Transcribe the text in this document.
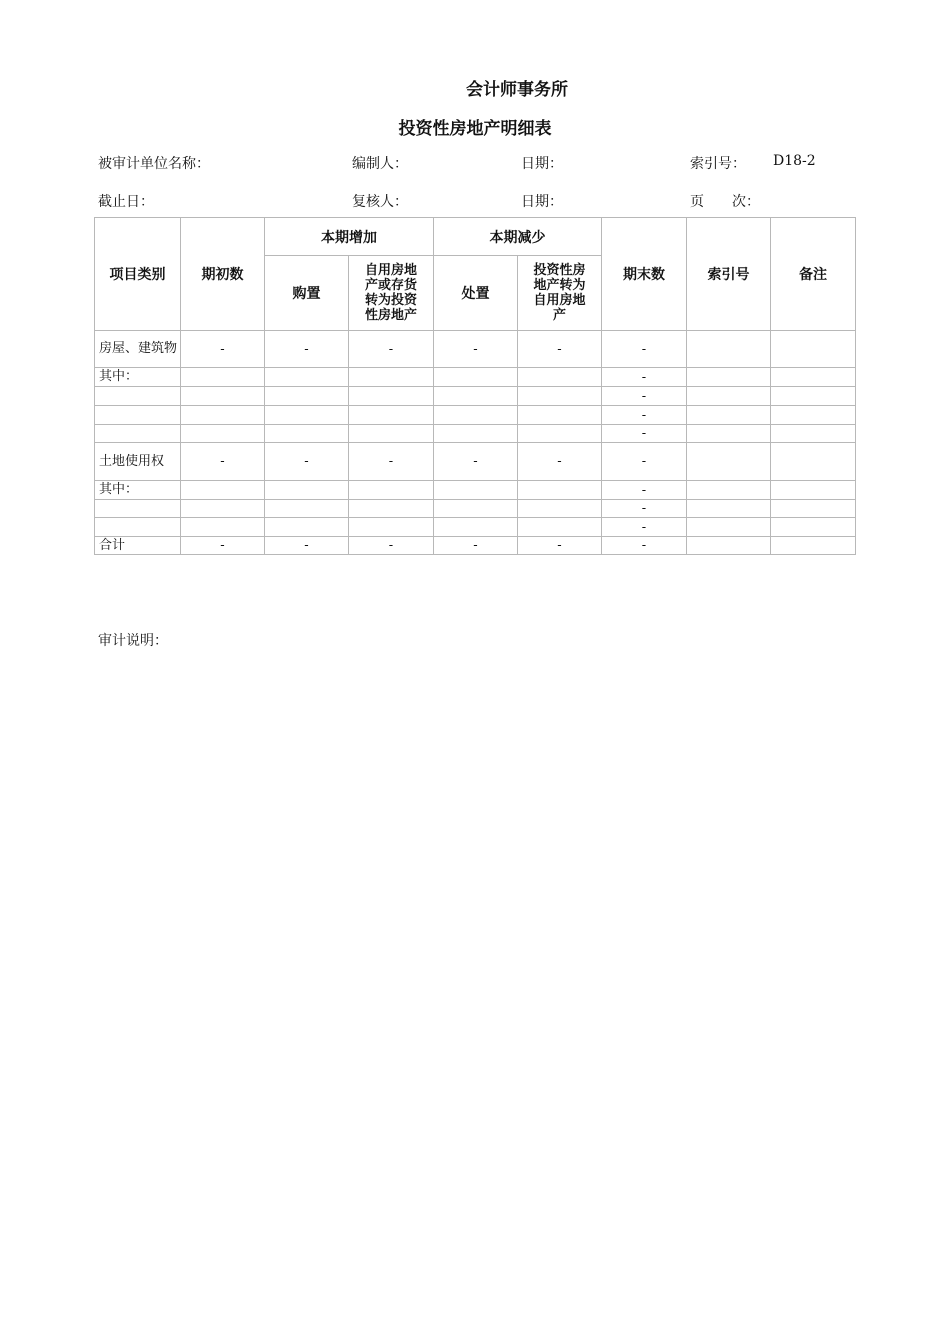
会计师事务所
投资性房地产明细表
被审计单位名称：	编制人：	日期：	索引号： D18-2
截止日：	复核人：	日期：	页　　次：
项目类别	期初数	本期增加		本期减少		期末数	索引号	备注
		购置	自用房地产或存货转为投资性房地产	处置	投资性房地产转为自用房地产			
房屋、建筑物	-	-	-	-	-	-		
其中：						-		
						-		
						-		
						-		
土地使用权	-	-	-	-	-	-		
其中：						-		
						-		
						-		
合计	-	-	-	-	-	-		
审计说明：
